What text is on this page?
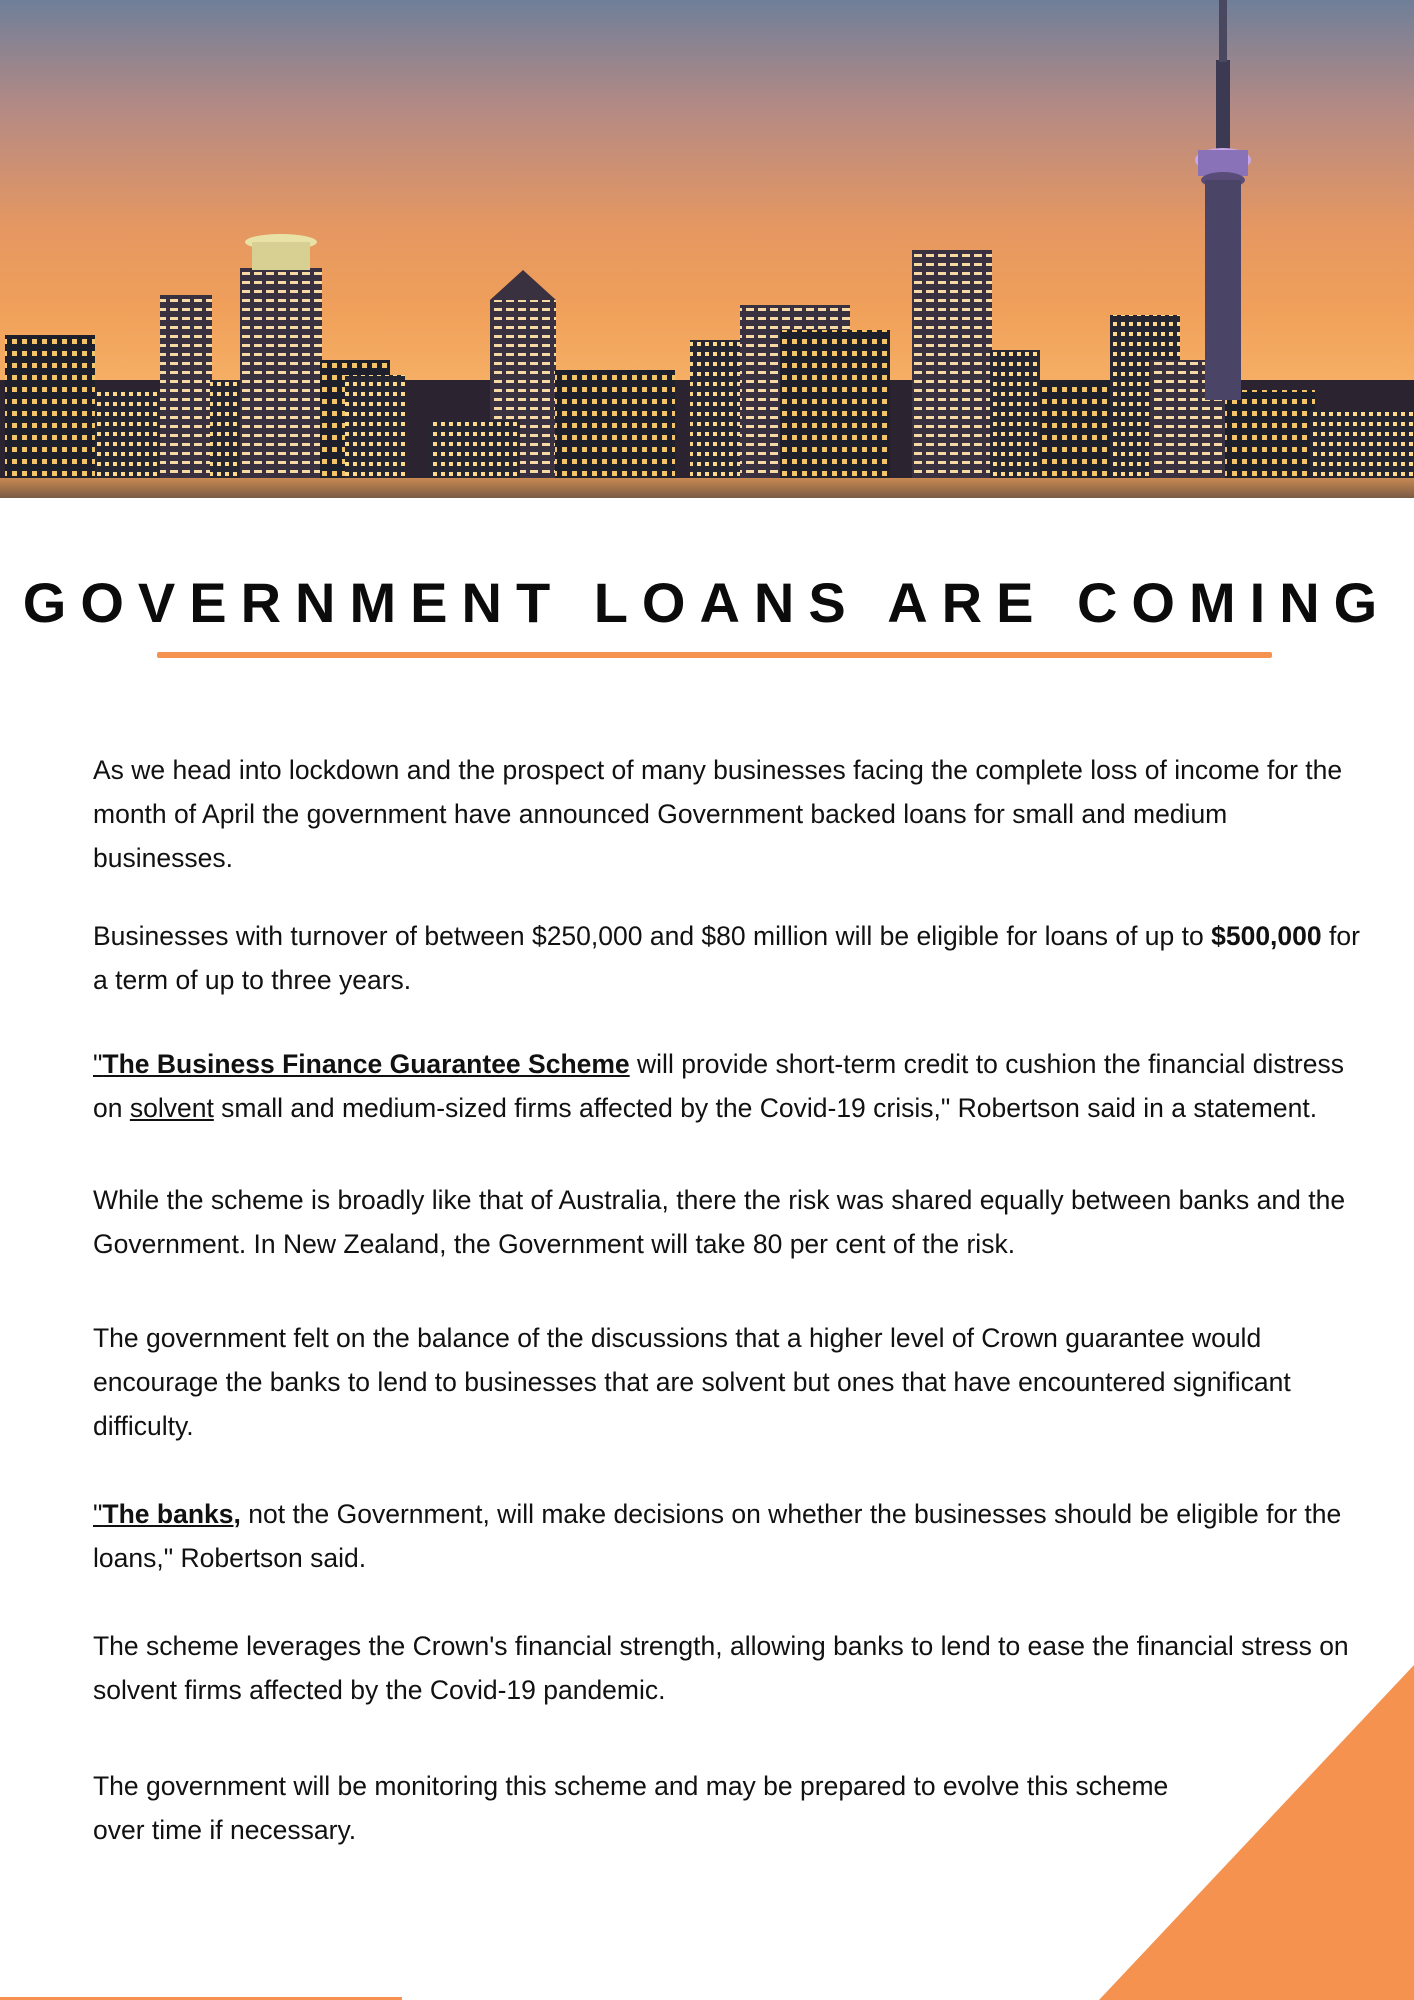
GOVERNMENT LOANS ARE COMING

As we head into lockdown and the prospect of many businesses facing the complete loss of income for the month of April the government have announced Government backed loans for small and medium businesses.

Businesses with turnover of between $250,000 and $80 million will be eligible for loans of up to $500,000 for a term of up to three years.

"The Business Finance Guarantee Scheme will provide short-term credit to cushion the financial distress on solvent small and medium-sized firms affected by the Covid-19 crisis," Robertson said in a statement.

While the scheme is broadly like that of Australia, there the risk was shared equally between banks and the Government. In New Zealand, the Government will take 80 per cent of the risk.

The government felt on the balance of the discussions that a higher level of Crown guarantee would encourage the banks to lend to businesses that are solvent but ones that have encountered significant difficulty.

"The banks, not the Government, will make decisions on whether the businesses should be eligible for the loans," Robertson said.

The scheme leverages the Crown's financial strength, allowing banks to lend to ease the financial stress on solvent firms affected by the Covid-19 pandemic.

The government will be monitoring this scheme and may be prepared to evolve this scheme over time if necessary.
